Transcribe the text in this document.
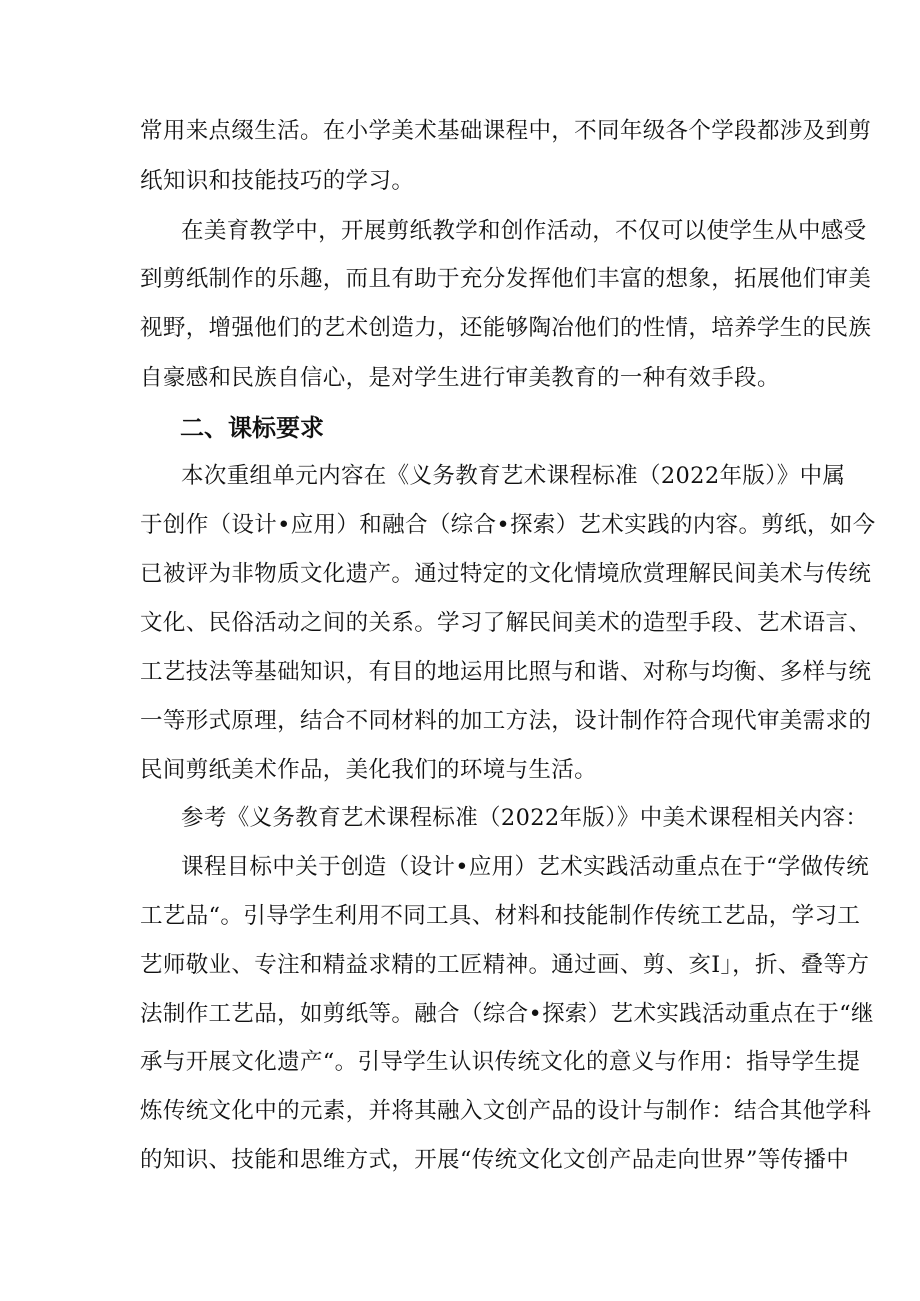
常用来点缀生活。在小学美术基础课程中，不同年级各个学段都涉及到剪
纸知识和技能技巧的学习。
在美育教学中，开展剪纸教学和创作活动，不仅可以使学生从中感受
到剪纸制作的乐趣，而且有助于充分发挥他们丰富的想象，拓展他们审美
视野，增强他们的艺术创造力，还能够陶冶他们的性情，培养学生的民族
自豪感和民族自信心，是对学生进行审美教育的一种有效手段。
二、课标要求
本次重组单元内容在《义务教育艺术课程标准（2022年版）》中属
于创作（设计•应用）和融合（综合•探索）艺术实践的内容。剪纸，如今
已被评为非物质文化遗产。通过特定的文化情境欣赏理解民间美术与传统
文化、民俗活动之间的关系。学习了解民间美术的造型手段、艺术语言、
工艺技法等基础知识，有目的地运用比照与和谐、对称与均衡、多样与统
一等形式原理，结合不同材料的加工方法，设计制作符合现代审美需求的
民间剪纸美术作品，美化我们的环境与生活。
参考《义务教育艺术课程标准（2022年版）》中美术课程相关内容：
课程目标中关于创造（设计•应用）艺术实践活动重点在于“学做传统
工艺品“。引导学生利用不同工具、材料和技能制作传统工艺品，学习工
艺师敬业、专注和精益求精的工匠精神。通过画、剪、亥I」，折、叠等方
法制作工艺品，如剪纸等。融合（综合•探索）艺术实践活动重点在于“继
承与开展文化遗产“。引导学生认识传统文化的意义与作用：指导学生提
炼传统文化中的元素，并将其融入文创产品的设计与制作：结合其他学科
的知识、技能和思维方式，开展“传统文化文创产品走向世界”等传播中
